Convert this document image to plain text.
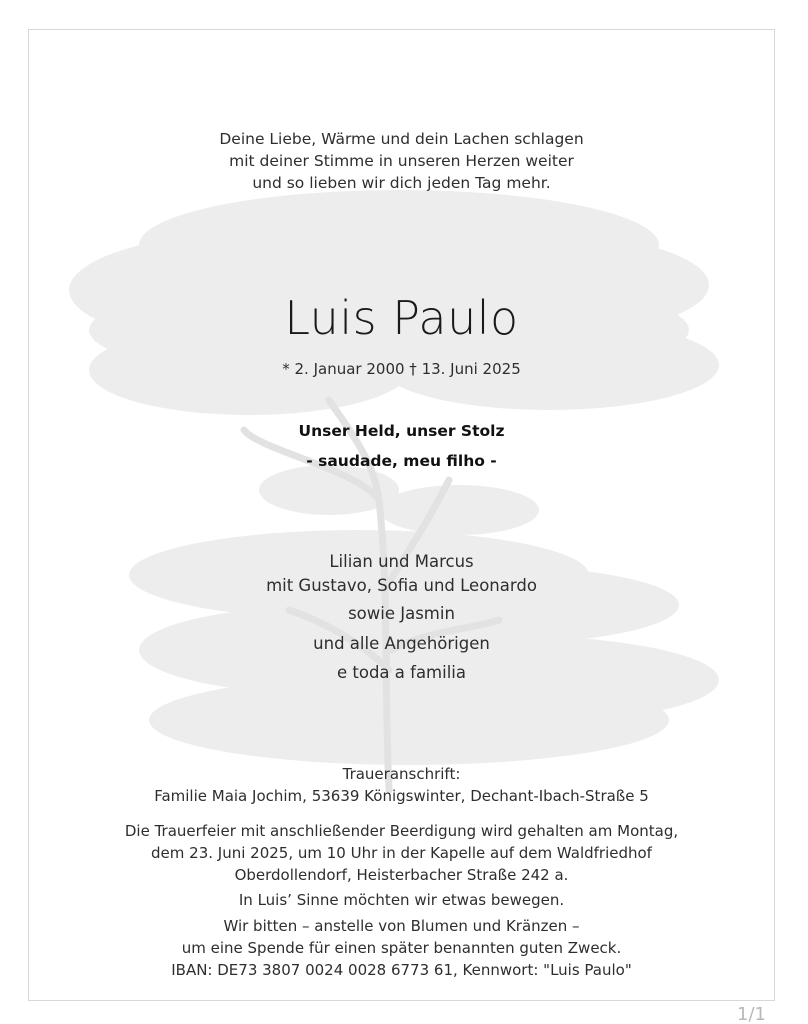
Deine Liebe, Wärme und dein Lachen schlagen
mit deiner Stimme in unseren Herzen weiter
und so lieben wir dich jeden Tag mehr.
Luis Paulo
* 2. Januar 2000 † 13. Juni 2025
Unser Held, unser Stolz
- saudade, meu filho -
Lilian und Marcus
mit Gustavo, Sofia und Leonardo
sowie Jasmin
und alle Angehörigen
e toda a familia
Traueranschrift:
Familie Maia Jochim, 53639 Königswinter, Dechant-Ibach-Straße 5
Die Trauerfeier mit anschließender Beerdigung wird gehalten am Montag,
dem 23. Juni 2025, um 10 Uhr in der Kapelle auf dem Waldfriedhof
Oberdollendorf, Heisterbacher Straße 242 a.
In Luis’ Sinne möchten wir etwas bewegen.
Wir bitten – anstelle von Blumen und Kränzen –
um eine Spende für einen später benannten guten Zweck.
IBAN: DE73 3807 0024 0028 6773 61, Kennwort: "Luis Paulo"
1/1
